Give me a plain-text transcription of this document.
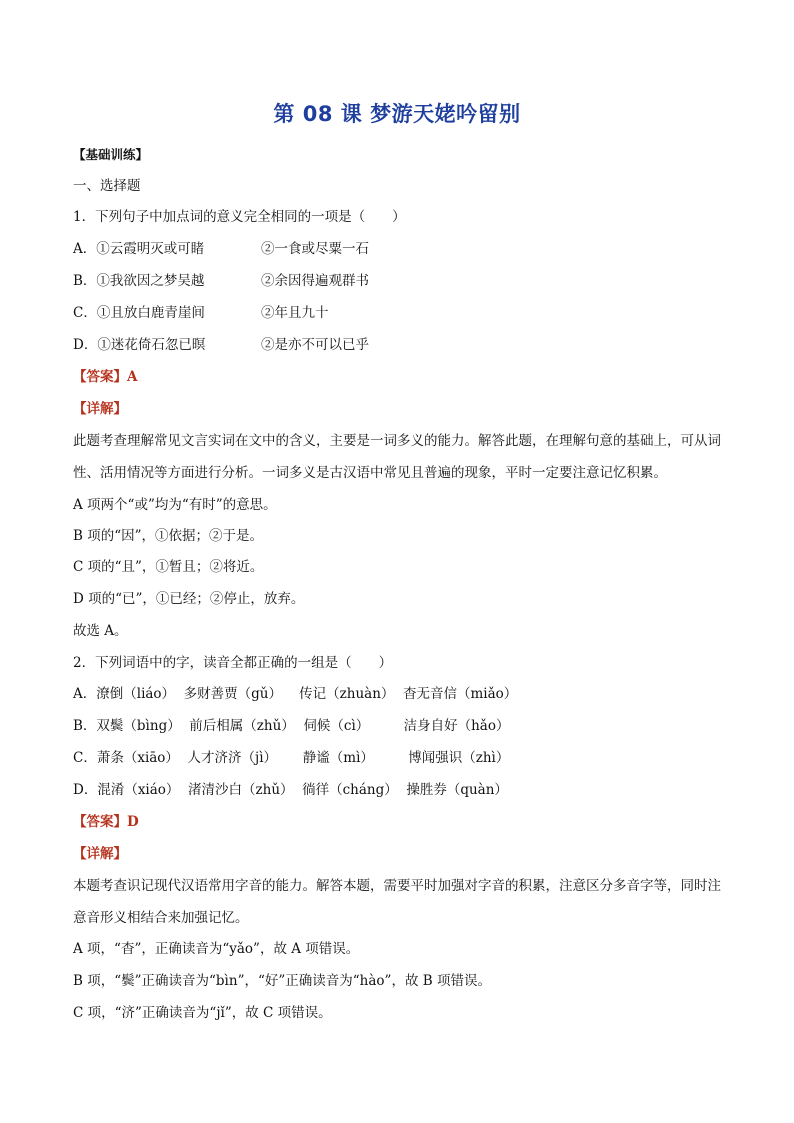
第 08 课 梦游天姥吟留别
【基础训练】
一、选择题
1．下列句子中加点词的意义完全相同的一项是（　　）
A．①云霞明灭或可睹	②一食或尽粟一石
B．①我欲因之梦吴越	②余因得遍观群书
C．①且放白鹿青崖间	②年且九十
D．①迷花倚石忽已暝	②是亦不可以已乎
【答案】A
【详解】
此题考查理解常见文言实词在文中的含义，主要是一词多义的能力。解答此题，在理解句意的基础上，可从词性、活用情况等方面进行分析。一词多义是古汉语中常见且普遍的现象，平时一定要注意记忆积累。
A 项两个“或”均为“有时”的意思。
B 项的“因”，①依据；②于是。
C 项的“且”，①暂且；②将近。
D 项的“已”，①已经；②停止，放弃。
故选 A。
2．下列词语中的字，读音全都正确的一组是（　　）
A．潦倒（liáo）  多财善贾（gǔ）    传记（zhuàn）  杳无音信（miǎo）
B．双鬓（bìng）  前后相属（zhǔ）  伺候（cì）        洁身自好（hǎo）
C．萧条（xiāo）  人才济济（jì）      静谧（mì）        博闻强识（zhì）
D．混淆（xiáo）  渚清沙白（zhǔ）  徜徉（cháng）  操胜券（quàn）
【答案】D
【详解】
本题考查识记现代汉语常用字音的能力。解答本题，需要平时加强对字音的积累，注意区分多音字等，同时注意音形义相结合来加强记忆。
A 项，“杳”，正确读音为“yǎo”，故 A 项错误。
B 项，“鬓”正确读音为“bìn”，“好”正确读音为“hào”，故 B 项错误。
C 项，“济”正确读音为“jǐ”，故 C 项错误。
